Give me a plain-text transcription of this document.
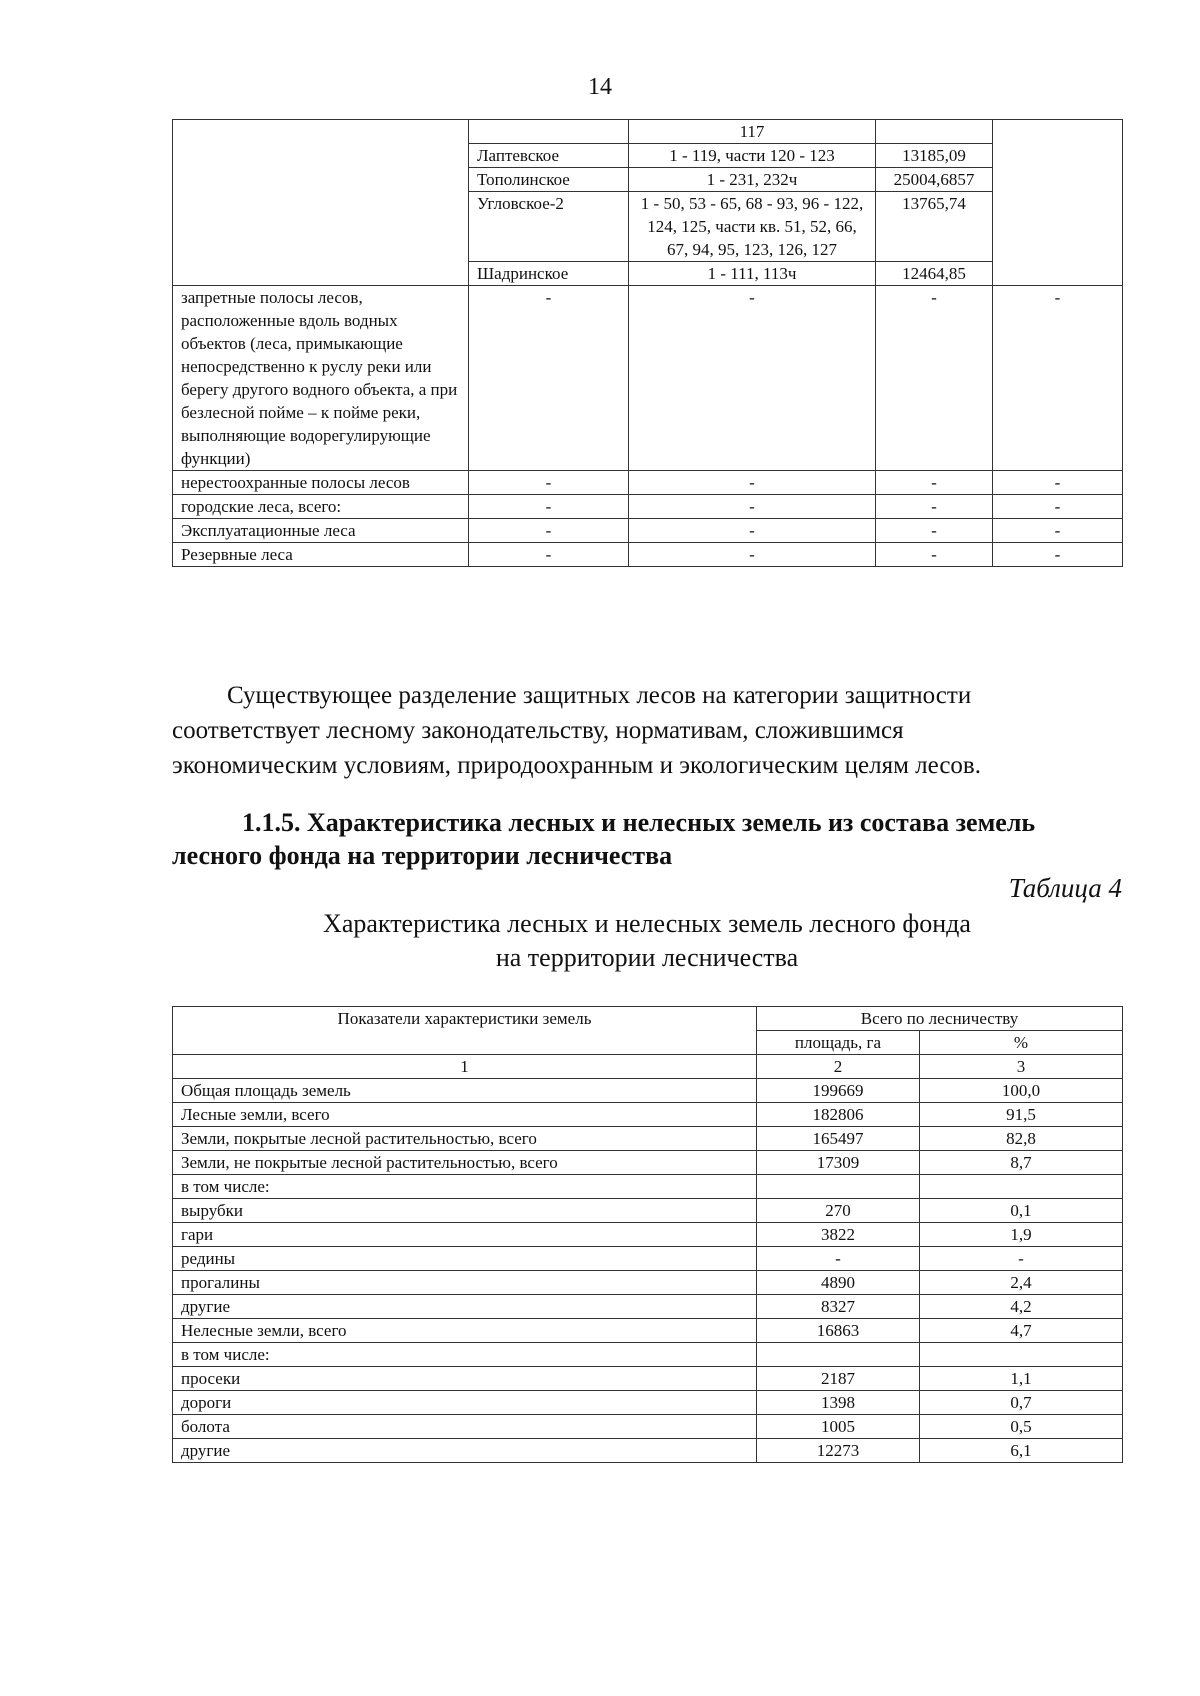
14
		117		
	Лаптевское	1 - 119, части 120 - 123	13185,09	
	Тополинское	1 - 231, 232ч	25004,6857	
	Угловское-2	1 - 50, 53 - 65, 68 - 93, 96 - 122, 124, 125, части кв. 51, 52, 66, 67, 94, 95, 123, 126, 127	13765,74	
	Шадринское	1 - 111, 113ч	12464,85	
запретные полосы лесов, расположенные вдоль водных объектов (леса, примыкающие непосредственно к руслу реки или берегу другого водного объекта, а при безлесной пойме – к пойме реки, выполняющие водорегулирующие функции)	-	-	-	-
нерестоохранные полосы лесов	-	-	-	-
городские леса, всего:	-	-	-	-
Эксплуатационные леса	-	-	-	-
Резервные леса	-	-	-	-

Существующее разделение защитных лесов на категории защитности

соответствует лесному законодательству, нормативам, сложившимся

экономическим условиям, природоохранным и экологическим целям лесов.

1.1.5. Характеристика лесных и нелесных земель из состава земель
лесного фонда на территории лесничества
Таблица 4
Характеристика лесных и нелесных земель лесного фонда
на территории лесничества
Показатели характеристики земель	Всего по лесничеству	
	площадь, га	%
1	2	3
Общая площадь земель	199669	100,0
Лесные земли, всего	182806	91,5
Земли, покрытые лесной растительностью, всего	165497	82,8
Земли, не покрытые лесной растительностью, всего	17309	8,7
в том числе:		
вырубки	270	0,1
гари	3822	1,9
редины	-	-
прогалины	4890	2,4
другие	8327	4,2
Нелесные земли, всего	16863	4,7
в том числе:		
просеки	2187	1,1
дороги	1398	0,7
болота	1005	0,5
другие	12273	6,1
